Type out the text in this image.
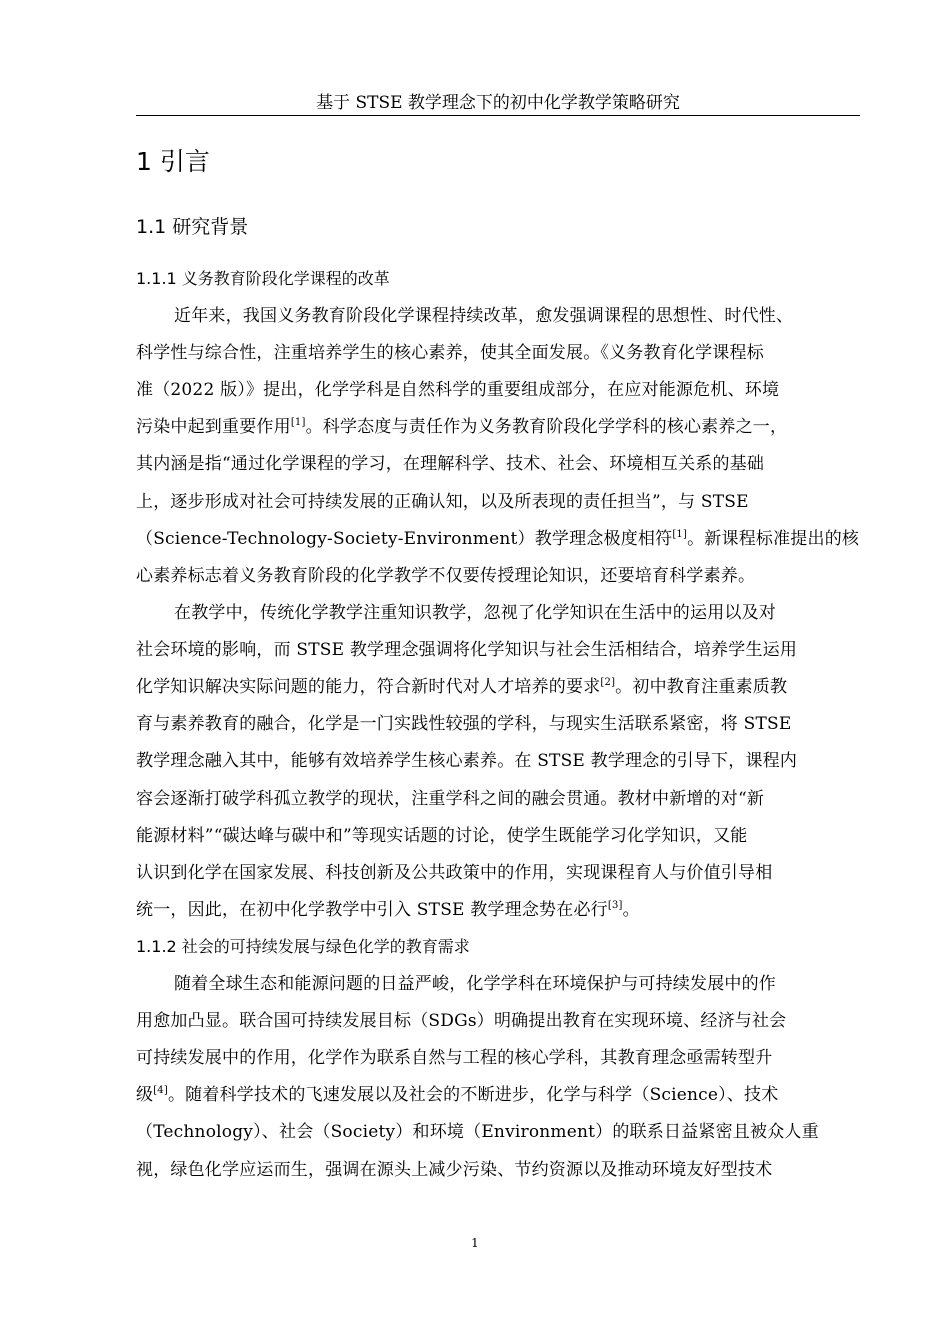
基于 STSE 教学理念下的初中化学教学策略研究
1 引言
1.1 研究背景
1.1.1 义务教育阶段化学课程的改革
近年来，我国义务教育阶段化学课程持续改革，愈发强调课程的思想性、时代性、
科学性与综合性，注重培养学生的核心素养，使其全面发展。《义务教育化学课程标
准（2022 版）》提出，化学学科是自然科学的重要组成部分，在应对能源危机、环境
污染中起到重要作用[1]。科学态度与责任作为义务教育阶段化学学科的核心素养之一，
其内涵是指“通过化学课程的学习，在理解科学、技术、社会、环境相互关系的基础
上，逐步形成对社会可持续发展的正确认知，以及所表现的责任担当”，与 STSE
（Science-Technology-Society-Environment）教学理念极度相符[1]。新课程标准提出的核
心素养标志着义务教育阶段的化学教学不仅要传授理论知识，还要培育科学素养。
在教学中，传统化学教学注重知识教学，忽视了化学知识在生活中的运用以及对
社会环境的影响，而 STSE 教学理念强调将化学知识与社会生活相结合，培养学生运用
化学知识解决实际问题的能力，符合新时代对人才培养的要求[2]。初中教育注重素质教
育与素养教育的融合，化学是一门实践性较强的学科，与现实生活联系紧密，将 STSE
教学理念融入其中，能够有效培养学生核心素养。在 STSE 教学理念的引导下，课程内
容会逐渐打破学科孤立教学的现状，注重学科之间的融会贯通。教材中新增的对“新
能源材料”“碳达峰与碳中和”等现实话题的讨论，使学生既能学习化学知识，又能
认识到化学在国家发展、科技创新及公共政策中的作用，实现课程育人与价值引导相
统一，因此，在初中化学教学中引入 STSE 教学理念势在必行[3]。
1.1.2 社会的可持续发展与绿色化学的教育需求
随着全球生态和能源问题的日益严峻，化学学科在环境保护与可持续发展中的作
用愈加凸显。联合国可持续发展目标（SDGs）明确提出教育在实现环境、经济与社会
可持续发展中的作用，化学作为联系自然与工程的核心学科，其教育理念亟需转型升
级[4]。随着科学技术的飞速发展以及社会的不断进步，化学与科学（Science）、技术
（Technology）、社会（Society）和环境（Environment）的联系日益紧密且被众人重
视，绿色化学应运而生，强调在源头上减少污染、节约资源以及推动环境友好型技术
1
